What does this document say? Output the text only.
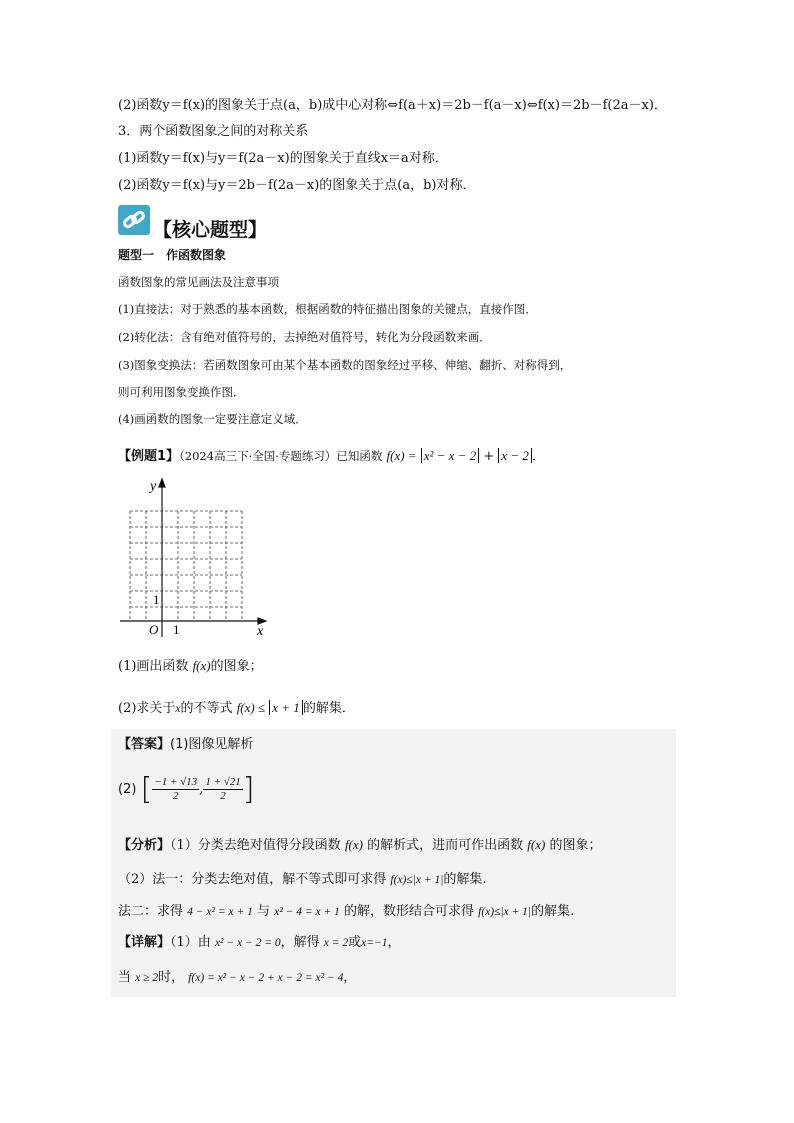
(2)函数y＝f(x)的图象关于点(a，b)成中心对称⇔f(a＋x)＝2b－f(a－x)⇔f(x)＝2b－f(2a－x)．
3．两个函数图象之间的对称关系
(1)函数y＝f(x)与y＝f(2a－x)的图象关于直线x＝a对称．
(2)函数y＝f(x)与y＝2b－f(2a－x)的图象关于点(a，b)对称．
【核心题型】
题型一　作函数图象
函数图象的常见画法及注意事项
(1)直接法：对于熟悉的基本函数，根据函数的特征描出图象的关键点，直接作图．
(2)转化法：含有绝对值符号的，去掉绝对值符号，转化为分段函数来画．
(3)图象变换法：若函数图象可由某个基本函数的图象经过平移、伸缩、翻折、对称得到，
则可利用图象变换作图．
(4)画函数的图象一定要注意定义域．
【例题1】（2024高三下·全国·专题练习）已知函数 f(x) = x² − x − 2 + x − 2 ．
y
x
O 1
1
(1)画出函数 f(x)的图象；
(2)求关于x的不等式 f(x) ≤ x + 1 的解集．
【答案】(1)图像见解析
(2) [ $\frac{-1 + √13}{2}$ , $\frac{1 + √21}{2}$ ]
【分析】（1）分类去绝对值得分段函数 f(x) 的解析式，进而可作出函数 f(x) 的图象；
（2）法一：分类去绝对值，解不等式即可求得 f(x)≤|x + 1|的解集.
法二：求得 4 − x² = x + 1 与 x² − 4 = x + 1 的解，数形结合可求得 f(x)≤|x + 1|的解集.
【详解】（1）由 x² − x − 2 = 0，解得 x = 2或x=−1，
当 x ≥ 2时， f(x) = x² − x − 2 + x − 2 = x² − 4，
